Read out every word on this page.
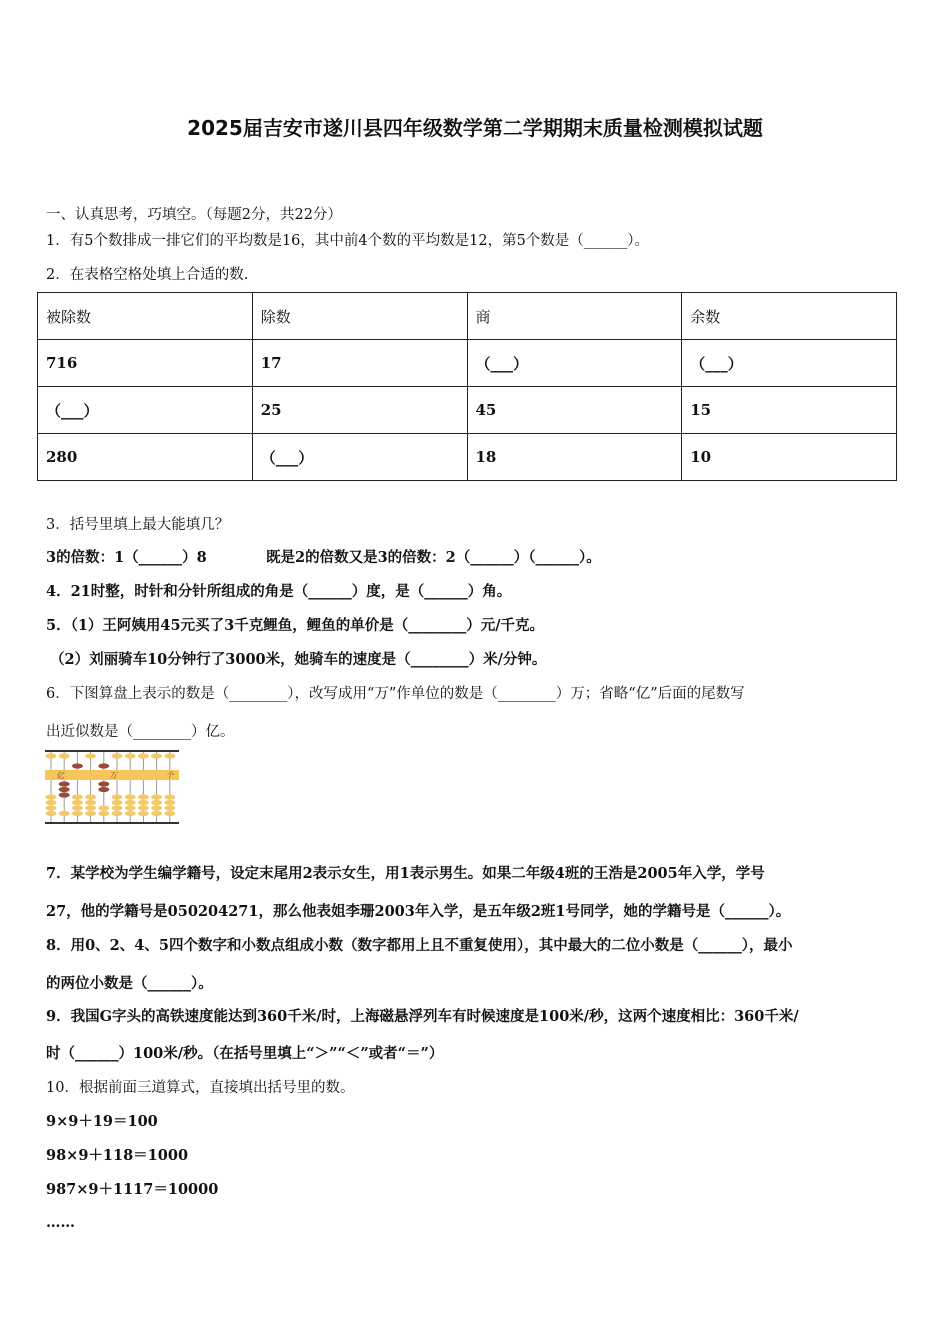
2025届吉安市遂川县四年级数学第二学期期末质量检测模拟试题
一、认真思考，巧填空。（每题2分，共22分）
1．有5个数排成一排它们的平均数是16，其中前4个数的平均数是12，第5个数是（______）。
2．在表格空格处填上合适的数.
被除数	除数	商	余数
716	17	（___）	（___）
（___）	25	45	15
280	（___）	18	10
3．括号里填上最大能填几？
3的倍数：1（______）8	既是2的倍数又是3的倍数：2（______）（______）。
4．21时整，时针和分针所组成的角是（______）度，是（______）角。
5．（1）王阿姨用45元买了3千克鲤鱼，鲤鱼的单价是（________）元/千克。
（2）刘丽骑车10分钟行了3000米，她骑车的速度是（________）米/分钟。
6．下图算盘上表示的数是（________），改写成用“万”作单位的数是（________）万；省略“亿”后面的尾数写
出近似数是（________）亿。
亿	万	个
7．某学校为学生编学籍号，设定末尾用2表示女生，用1表示男生。如果二年级4班的王浩是2005年入学，学号
27，他的学籍号是050204271，那么他表姐李珊2003年入学，是五年级2班1号同学，她的学籍号是（______）。
8．用0、2、4、5四个数字和小数点组成小数（数字都用上且不重复使用），其中最大的二位小数是（______），最小
的两位小数是（______）。
9．我国G字头的高铁速度能达到360千米/时，上海磁悬浮列车有时候速度是100米/秒，这两个速度相比：360千米/
时（______）100米/秒。（在括号里填上“＞”“＜”或者“＝”）
10．根据前面三道算式，直接填出括号里的数。
9×9＋19＝100
98×9＋118＝1000
987×9＋1117＝10000
……
